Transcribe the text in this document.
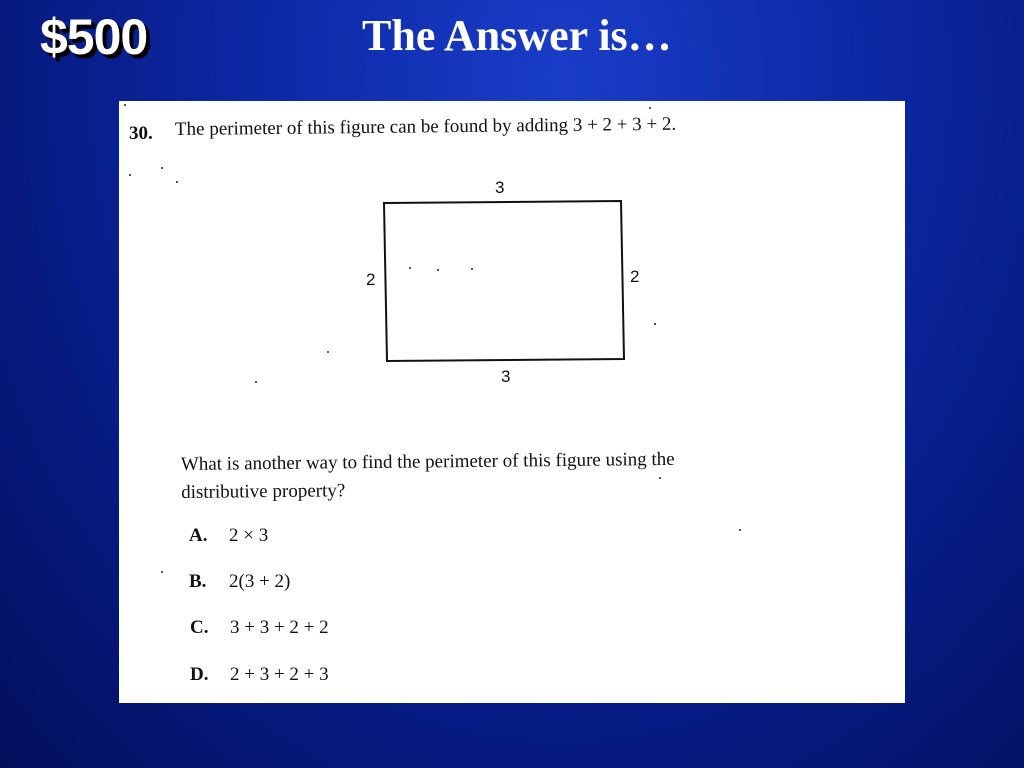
$500	The Answer is…
30. The perimeter of this figure can be found by adding 3 + 2 + 3 + 2.
3
2	2
3
What is another way to find the perimeter of this figure using the
distributive property?
A. 2 × 3
B. 2(3 + 2)
C. 3 + 3 + 2 + 2
D. 2 + 3 + 2 + 3
